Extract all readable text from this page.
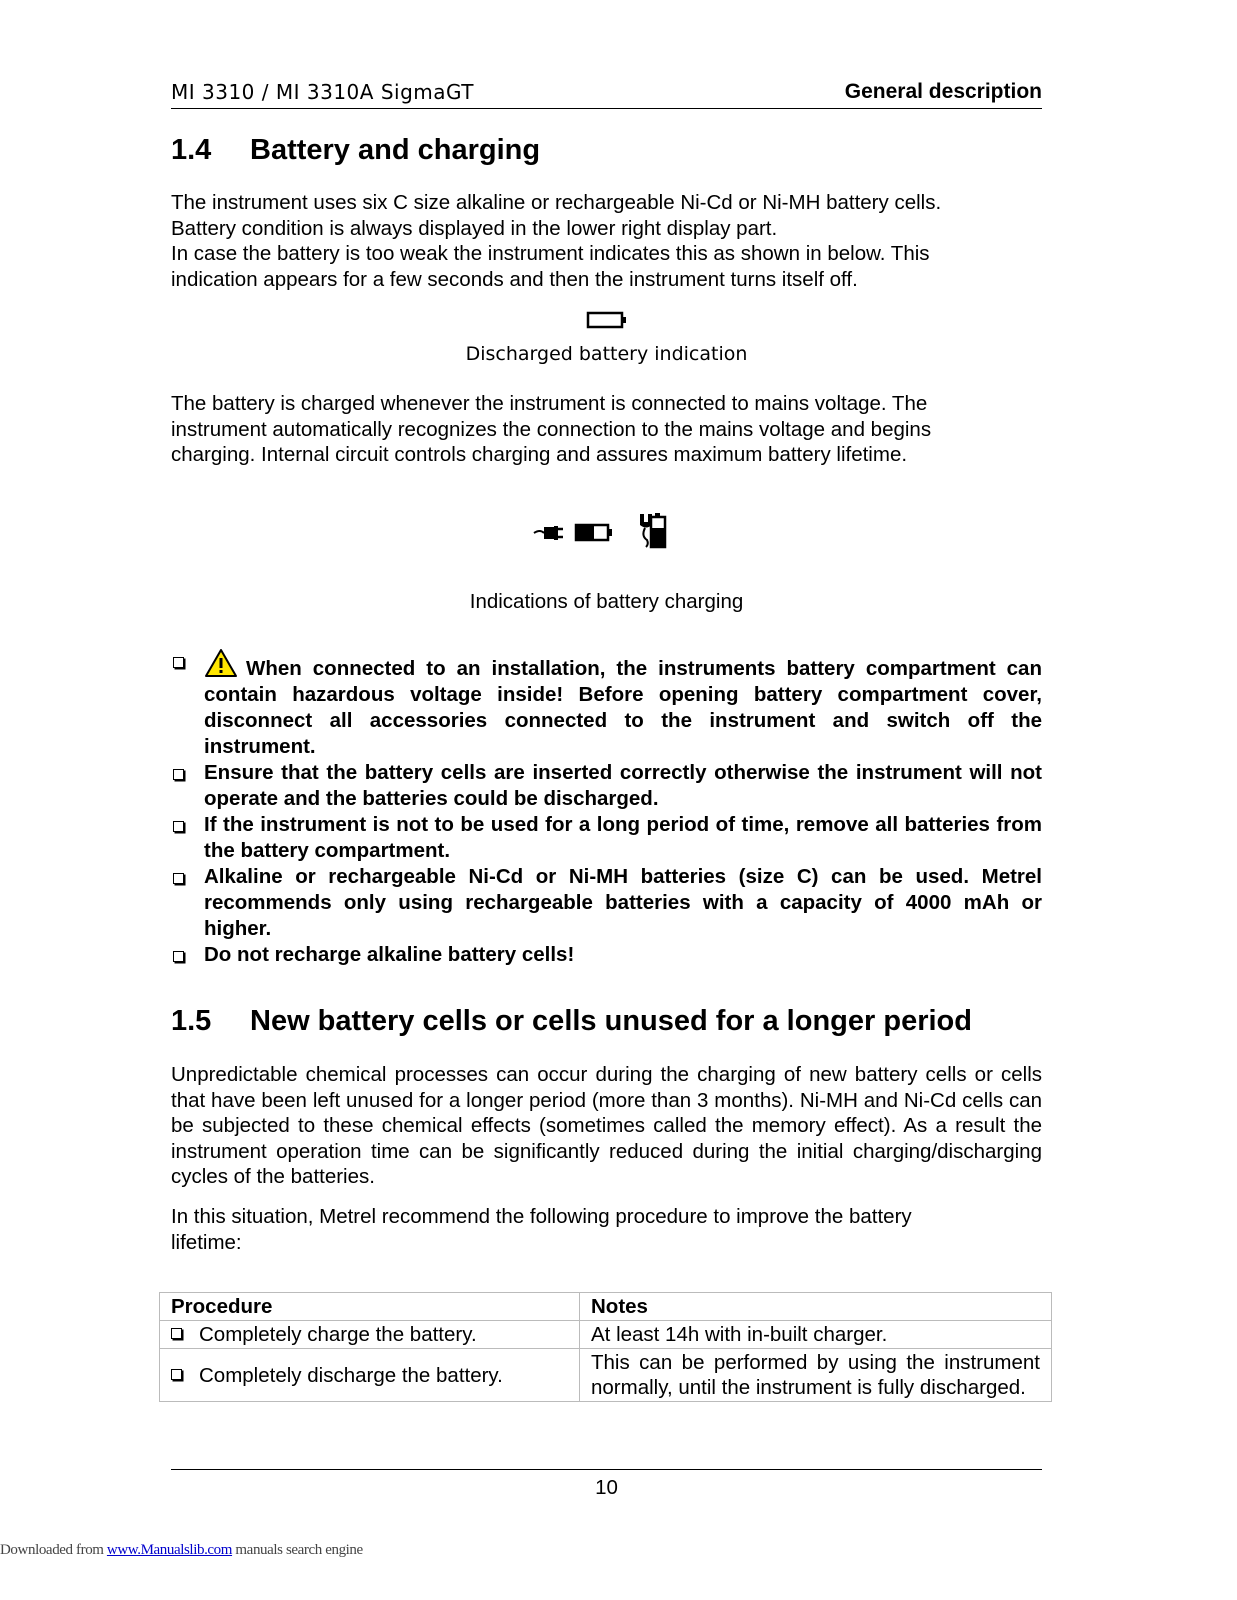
MI 3310 / MI 3310A SigmaGT	General description
1.4 Battery and charging

The instrument uses six C size alkaline or rechargeable Ni-Cd or Ni-MH battery cells.

Battery condition is always displayed in the lower right display part.

In case the battery is too weak the instrument indicates this as shown in below. This

indication appears for a few seconds and then the instrument turns itself off.

Discharged battery indication

The battery is charged whenever the instrument is connected to mains voltage. The

instrument automatically recognizes the connection to the mains voltage and begins

charging. Internal circuit controls charging and assures maximum battery lifetime.

Indications of battery charging
When connected to an installation, the instruments battery compartment can contain hazardous voltage inside! Before opening battery compartment cover, disconnect all accessories connected to the instrument and switch off the instrument.
Ensure that the battery cells are inserted correctly otherwise the instrument will not operate and the batteries could be discharged.
If the instrument is not to be used for a long period of time, remove all batteries from the battery compartment.
Alkaline or rechargeable Ni-Cd or Ni-MH batteries (size C) can be used. Metrel recommends only using rechargeable batteries with a capacity of 4000 mAh or higher.
Do not recharge alkaline battery cells!
1.5 New battery cells or cells unused for a longer period
Unpredictable chemical processes can occur during the charging of new battery cells or cells that have been left unused for a longer period (more than 3 months). Ni-MH and Ni-Cd cells can be subjected to these chemical effects (sometimes called the memory effect). As a result the instrument operation time can be significantly reduced during the initial charging/discharging cycles of the batteries.

In this situation, Metrel recommend the following procedure to improve the battery

lifetime:

Procedure	Notes
Completely charge the battery.	At least 14h with in-built charger.
Completely discharge the battery.	This can be performed by using the instrument normally, until the instrument is fully discharged.
10
Downloaded from www.Manualslib.com manuals search engine
